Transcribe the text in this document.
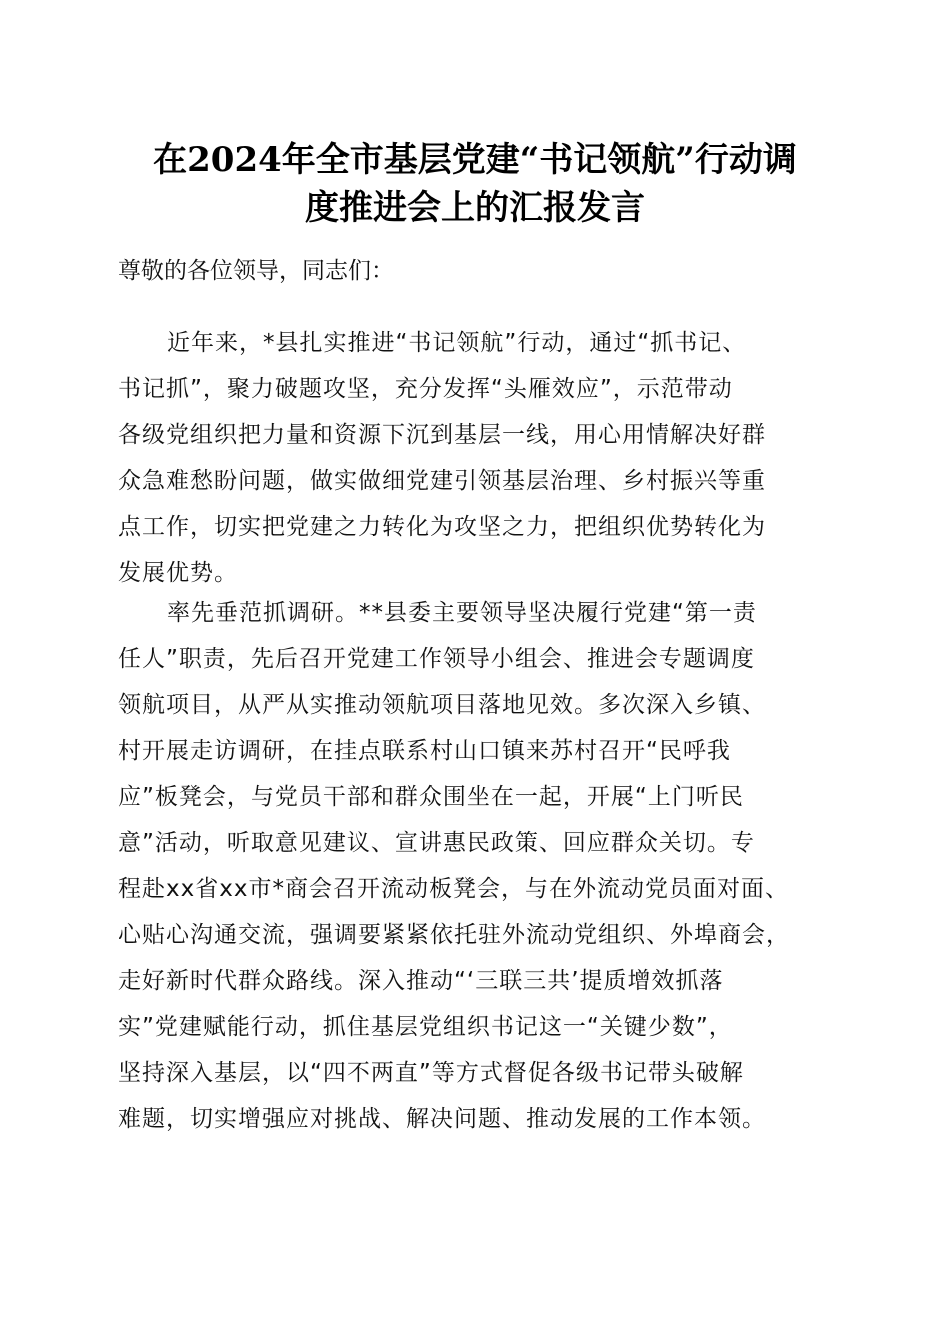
在2024年全市基层党建“书记领航”行动调
度推进会上的汇报发言

尊敬的各位领导，同志们：

近年来，*县扎实推进“书记领航”行动，通过“抓书记、
书记抓”，聚力破题攻坚，充分发挥“头雁效应”，示范带动
各级党组织把力量和资源下沉到基层一线，用心用情解决好群
众急难愁盼问题，做实做细党建引领基层治理、乡村振兴等重
点工作，切实把党建之力转化为攻坚之力，把组织优势转化为
发展优势。
率先垂范抓调研。**县委主要领导坚决履行党建“第一责
任人”职责，先后召开党建工作领导小组会、推进会专题调度
领航项目，从严从实推动领航项目落地见效。多次深入乡镇、
村开展走访调研，在挂点联系村山口镇来苏村召开“民呼我
应”板凳会，与党员干部和群众围坐在一起，开展“上门听民
意”活动，听取意见建议、宣讲惠民政策、回应群众关切。专
程赴xx省xx市*商会召开流动板凳会，与在外流动党员面对面、
心贴心沟通交流，强调要紧紧依托驻外流动党组织、外埠商会，
走好新时代群众路线。深入推动“‘三联三共’提质增效抓落
实”党建赋能行动，抓住基层党组织书记这一“关键少数”，
坚持深入基层，以“四不两直”等方式督促各级书记带头破解
难题，切实增强应对挑战、解决问题、推动发展的工作本领。
